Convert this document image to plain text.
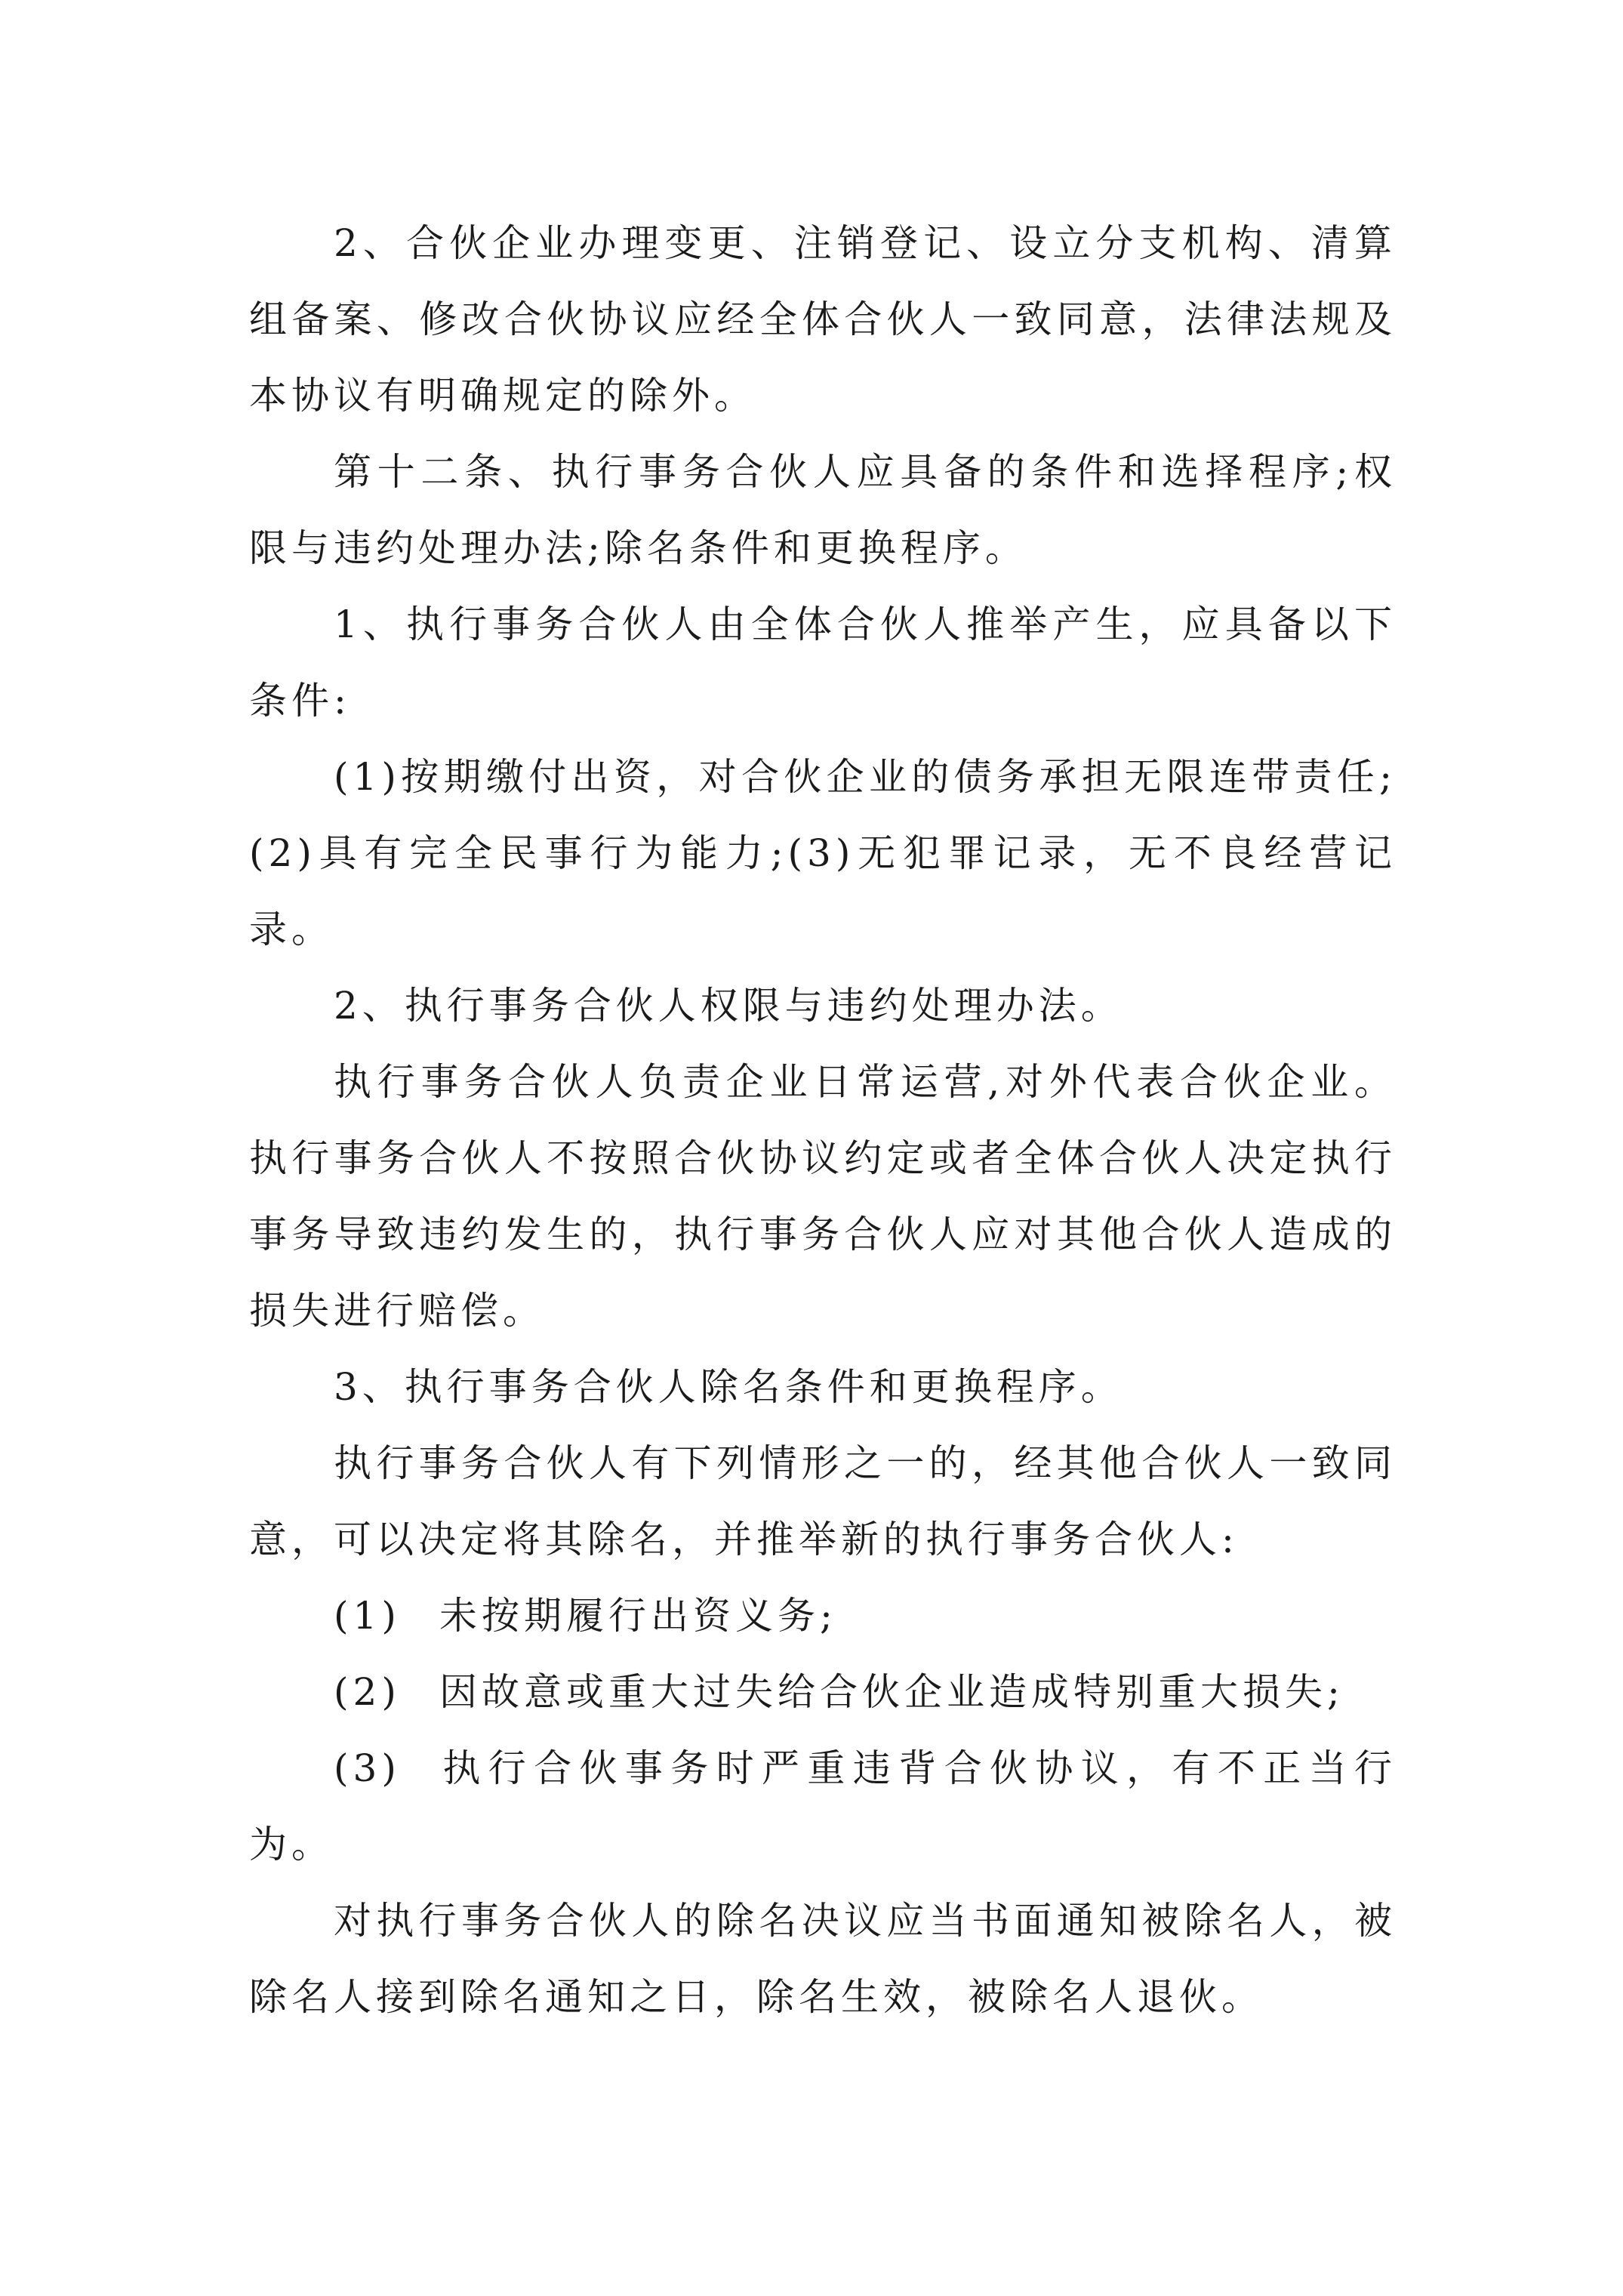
2、合伙企业办理变更、注销登记、设立分支机构、清算组备案、修改合伙协议应经全体合伙人一致同意，法律法规及本协议有明确规定的除外。

第十二条、执行事务合伙人应具备的条件和选择程序;权限与违约处理办法;除名条件和更换程序。

1、执行事务合伙人由全体合伙人推举产生，应具备以下条件:

(1)按期缴付出资，对合伙企业的债务承担无限连带责任;(2)具有完全民事行为能力;(3)无犯罪记录，无不良经营记录。

2、执行事务合伙人权限与违约处理办法。

执行事务合伙人负责企业日常运营,对外代表合伙企业。执行事务合伙人不按照合伙协议约定或者全体合伙人决定执行事务导致违约发生的，执行事务合伙人应对其他合伙人造成的损失进行赔偿。

3、执行事务合伙人除名条件和更换程序。

执行事务合伙人有下列情形之一的，经其他合伙人一致同意，可以决定将其除名，并推举新的执行事务合伙人:

(1) 未按期履行出资义务;

(2) 因故意或重大过失给合伙企业造成特别重大损失;

(3) 执行合伙事务时严重违背合伙协议，有不正当行为。

对执行事务合伙人的除名决议应当书面通知被除名人，被除名人接到除名通知之日，除名生效，被除名人退伙。
